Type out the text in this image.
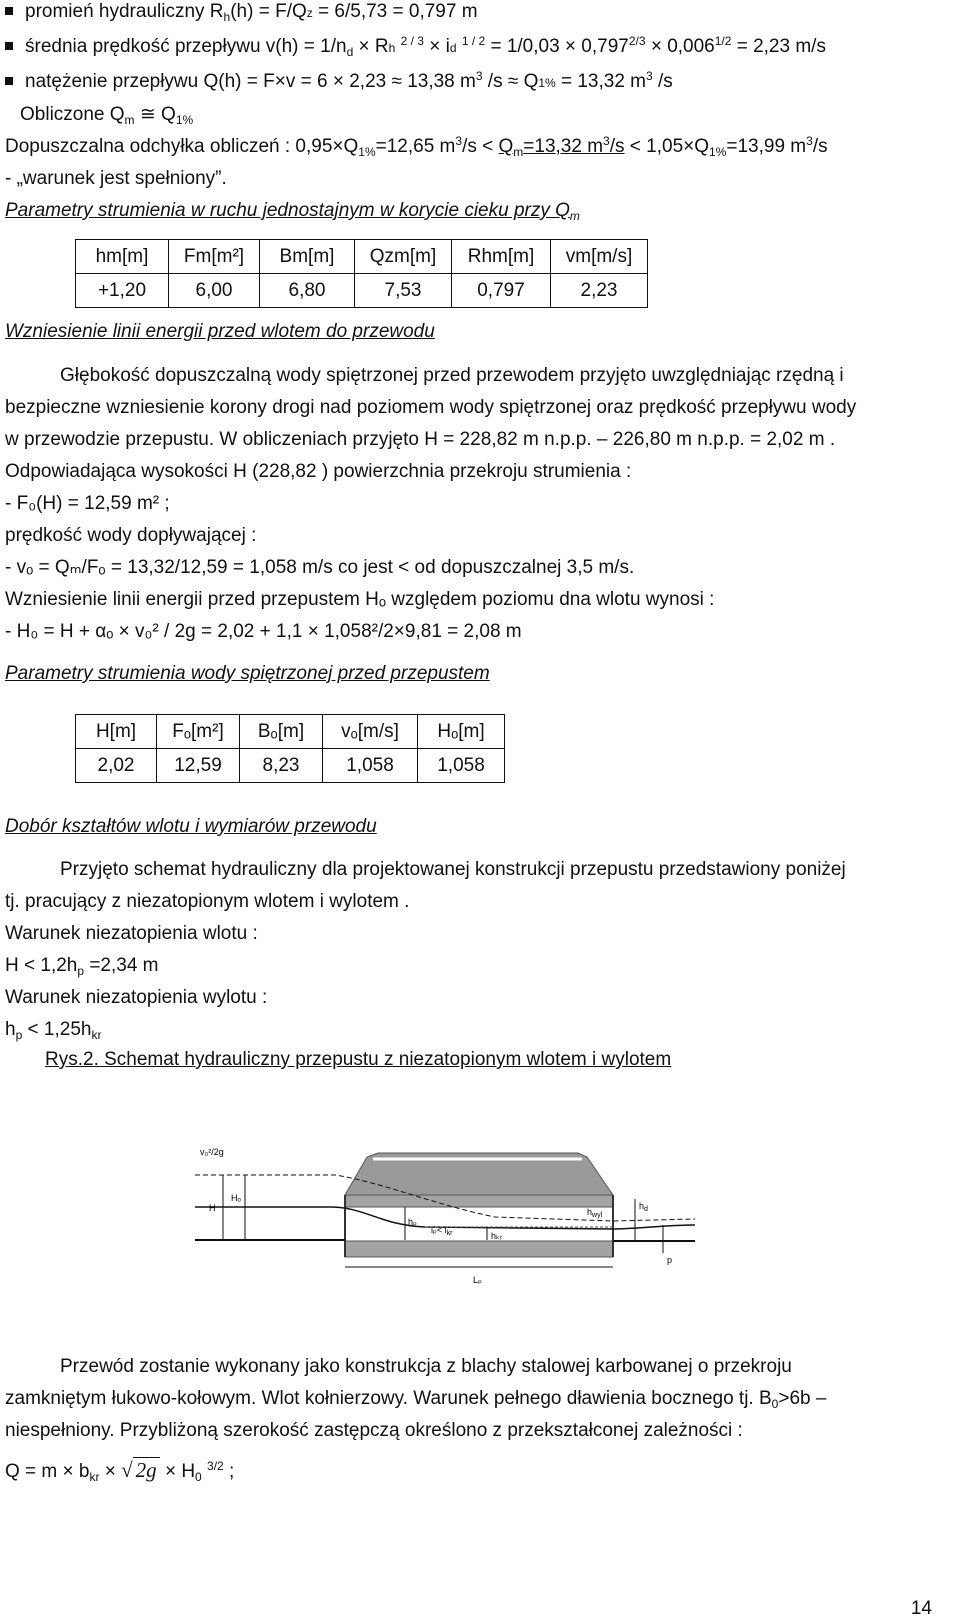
promień hydrauliczny $R_h(h) = F/Qz = 6/5,73 = 0,797$ m
średnia prędkość przepływu $v(h) = 1/n_d \times Rh$ $^{2 / 3}$ × id $^{1 / 2} = 1/0,03 \times 0,797^{2/3} \times 0,006^{1/2} = 2,23$ m/s
natężenie przepływu Q(h) = F×v = 6 × 2,23 ≈ 13,38 $m^3$ /s ≈ Q1% = 13,32 $m^3$ /s
Obliczone $Q_m$ ≅ $Q_{1\%}$
Dopuszczalna odchyłka obliczeń : $0,95\times Q_{1\%}=12,65$ $m^3/s < Q_m=13,32$ $m^3/s < 1,05\times Q_{1\%}=13,99$ $m^3/s$
- „warunek jest spełniony”.
Parametry strumienia w ruchu jednostajnym w korycie cieku przy $Q_m$
hm[m]	Fm[m²]	Bm[m]	Qzm[m]	Rhm[m]	vm[m/s]
+1,20	6,00	6,80	7,53	0,797	2,23
Wzniesienie linii energii przed wlotem do przewodu
Głębokość dopuszczalną wody spiętrzonej przed przewodem przyjęto uwzględniając rzędną i
bezpieczne wzniesienie korony drogi nad poziomem wody spiętrzonej oraz prędkość przepływu wody
w przewodzie przepustu. W obliczeniach przyjęto H = 228,82 m n.p.p. – 226,80 m n.p.p. = 2,02 m .
Odpowiadająca wysokości H (228,82 ) powierzchnia przekroju strumienia :
- F₀(H) = 12,59 m² ;
prędkość wody dopływającej :
- vₒ = Qₘ/Fₒ = 13,32/12,59 = 1,058 m/s co jest < od dopuszczalnej 3,5 m/s.
Wzniesienie linii energii przed przepustem Hₒ względem poziomu dna wlotu wynosi :
- H₀ = H + αₒ × v₀² / 2g = 2,02 + 1,1 × 1,058²/2×9,81 = 2,08 m
Parametry strumienia wody spiętrzonej przed przepustem
H[m]	Fₒ[m²]	Bₒ[m]	vₒ[m/s]	Hₒ[m]
2,02	12,59	8,23	1,058	1,058
Dobór kształtów wlotu i wymiarów przewodu
Przyjęto schemat hydrauliczny dla projektowanej konstrukcji przepustu przedstawiony poniżej
tj. pracujący z niezatopionym wlotem i wylotem .
Warunek niezatopienia wlotu :
$H < 1,2h_p =2,34$ m
Warunek niezatopienia wylotu :
$h_p < 1,25h_{kr}$
Rys.2. Schemat hydrauliczny przepustu z niezatopionym wlotem i wylotem
v₀²/2g
H
Hₒ
hₚ
$i_p< i_{kr}$	hₖᵣ
$h_{wyl}$
$h_d$
Lₚ
p
Przewód zostanie wykonany jako konstrukcja z blachy stalowej karbowanej o przekroju
zamkniętym łukowo-kołowym. Wlot kołnierzowy. Warunek pełnego dławienia bocznego tj. $B_0>6b$ –
niespełniony. Przybliżoną szerokość zastępczą określono z przekształconej zależności :
$Q = m \times b_{kr}$ × √ $2g \times H_0$ $^{3/2}$ ;
14
